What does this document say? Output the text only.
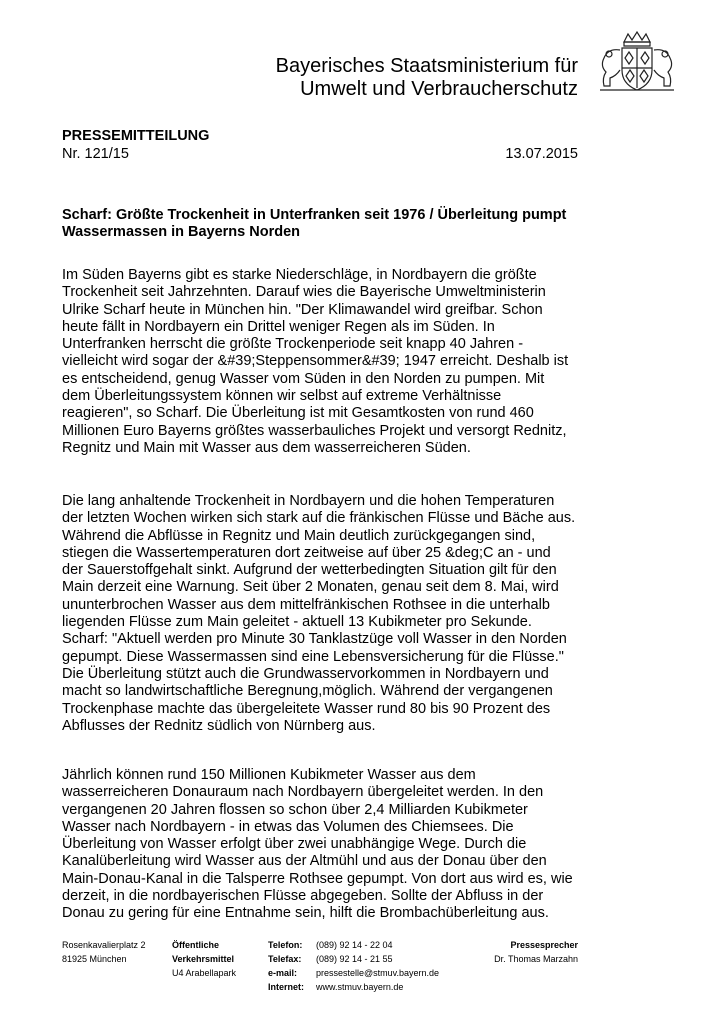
Bayerisches Staatsministerium für
Umwelt und Verbraucherschutz
PRESSEMITTEILUNG
Nr. 121/15	13.07.2015
Scharf: Größte Trockenheit in Unterfranken seit 1976 / Überleitung pumpt
Wassermassen in Bayerns Norden

Im Süden Bayerns gibt es starke Niederschläge, in Nordbayern die größte
Trockenheit seit Jahrzehnten. Darauf wies die Bayerische Umweltministerin
Ulrike Scharf heute in München hin. "Der Klimawandel wird greifbar. Schon
heute fällt in Nordbayern ein Drittel weniger Regen als im Süden. In
Unterfranken herrscht die größte Trockenperiode seit knapp 40 Jahren -
vielleicht wird sogar der &#39;Steppensommer&#39; 1947 erreicht. Deshalb ist
es entscheidend, genug Wasser vom Süden in den Norden zu pumpen. Mit
dem Überleitungssystem können wir selbst auf extreme Verhältnisse
reagieren", so Scharf. Die Überleitung ist mit Gesamtkosten von rund 460
Millionen Euro Bayerns größtes wasserbauliches Projekt und versorgt Rednitz,
Regnitz und Main mit Wasser aus dem wasserreicheren Süden.

Die lang anhaltende Trockenheit in Nordbayern und die hohen Temperaturen
der letzten Wochen wirken sich stark auf die fränkischen Flüsse und Bäche aus.
Während die Abflüsse in Regnitz und Main deutlich zurückgegangen sind,
stiegen die Wassertemperaturen dort zeitweise auf über 25 &deg;C an - und
der Sauerstoffgehalt sinkt. Aufgrund der wetterbedingten Situation gilt für den
Main derzeit eine Warnung. Seit über 2 Monaten, genau seit dem 8. Mai, wird
ununterbrochen Wasser aus dem mittelfränkischen Rothsee in die unterhalb
liegenden Flüsse zum Main geleitet - aktuell 13 Kubikmeter pro Sekunde.
Scharf: "Aktuell werden pro Minute 30 Tanklastzüge voll Wasser in den Norden
gepumpt. Diese Wassermassen sind eine Lebensversicherung für die Flüsse."
Die Überleitung stützt auch die Grundwasservorkommen in Nordbayern und
macht so landwirtschaftliche Beregnung,möglich. Während der vergangenen
Trockenphase machte das übergeleitete Wasser rund 80 bis 90 Prozent des
Abflusses der Rednitz südlich von Nürnberg aus.

Jährlich können rund 150 Millionen Kubikmeter Wasser aus dem
wasserreicheren Donauraum nach Nordbayern übergeleitet werden. In den
vergangenen 20 Jahren flossen so schon über 2,4 Milliarden Kubikmeter
Wasser nach Nordbayern - in etwas das Volumen des Chiemsees. Die
Überleitung von Wasser erfolgt über zwei unabhängige Wege. Durch die
Kanalüberleitung wird Wasser aus der Altmühl und aus der Donau über den
Main-Donau-Kanal in die Talsperre Rothsee gepumpt. Von dort aus wird es, wie
derzeit, in die nordbayerischen Flüsse abgegeben. Sollte der Abfluss in der
Donau zu gering für eine Entnahme sein, hilft die Brombachüberleitung aus.

Rosenkavalierplatz 2
81925 München
Öffentliche
Verkehrsmittel
U4 Arabellapark
Telefon:
Telefax:
e-mail:
Internet:
(089) 92 14 - 22 04
(089) 92 14 - 21 55
pressestelle@stmuv.bayern.de
www.stmuv.bayern.de
Pressesprecher
Dr. Thomas Marzahn
